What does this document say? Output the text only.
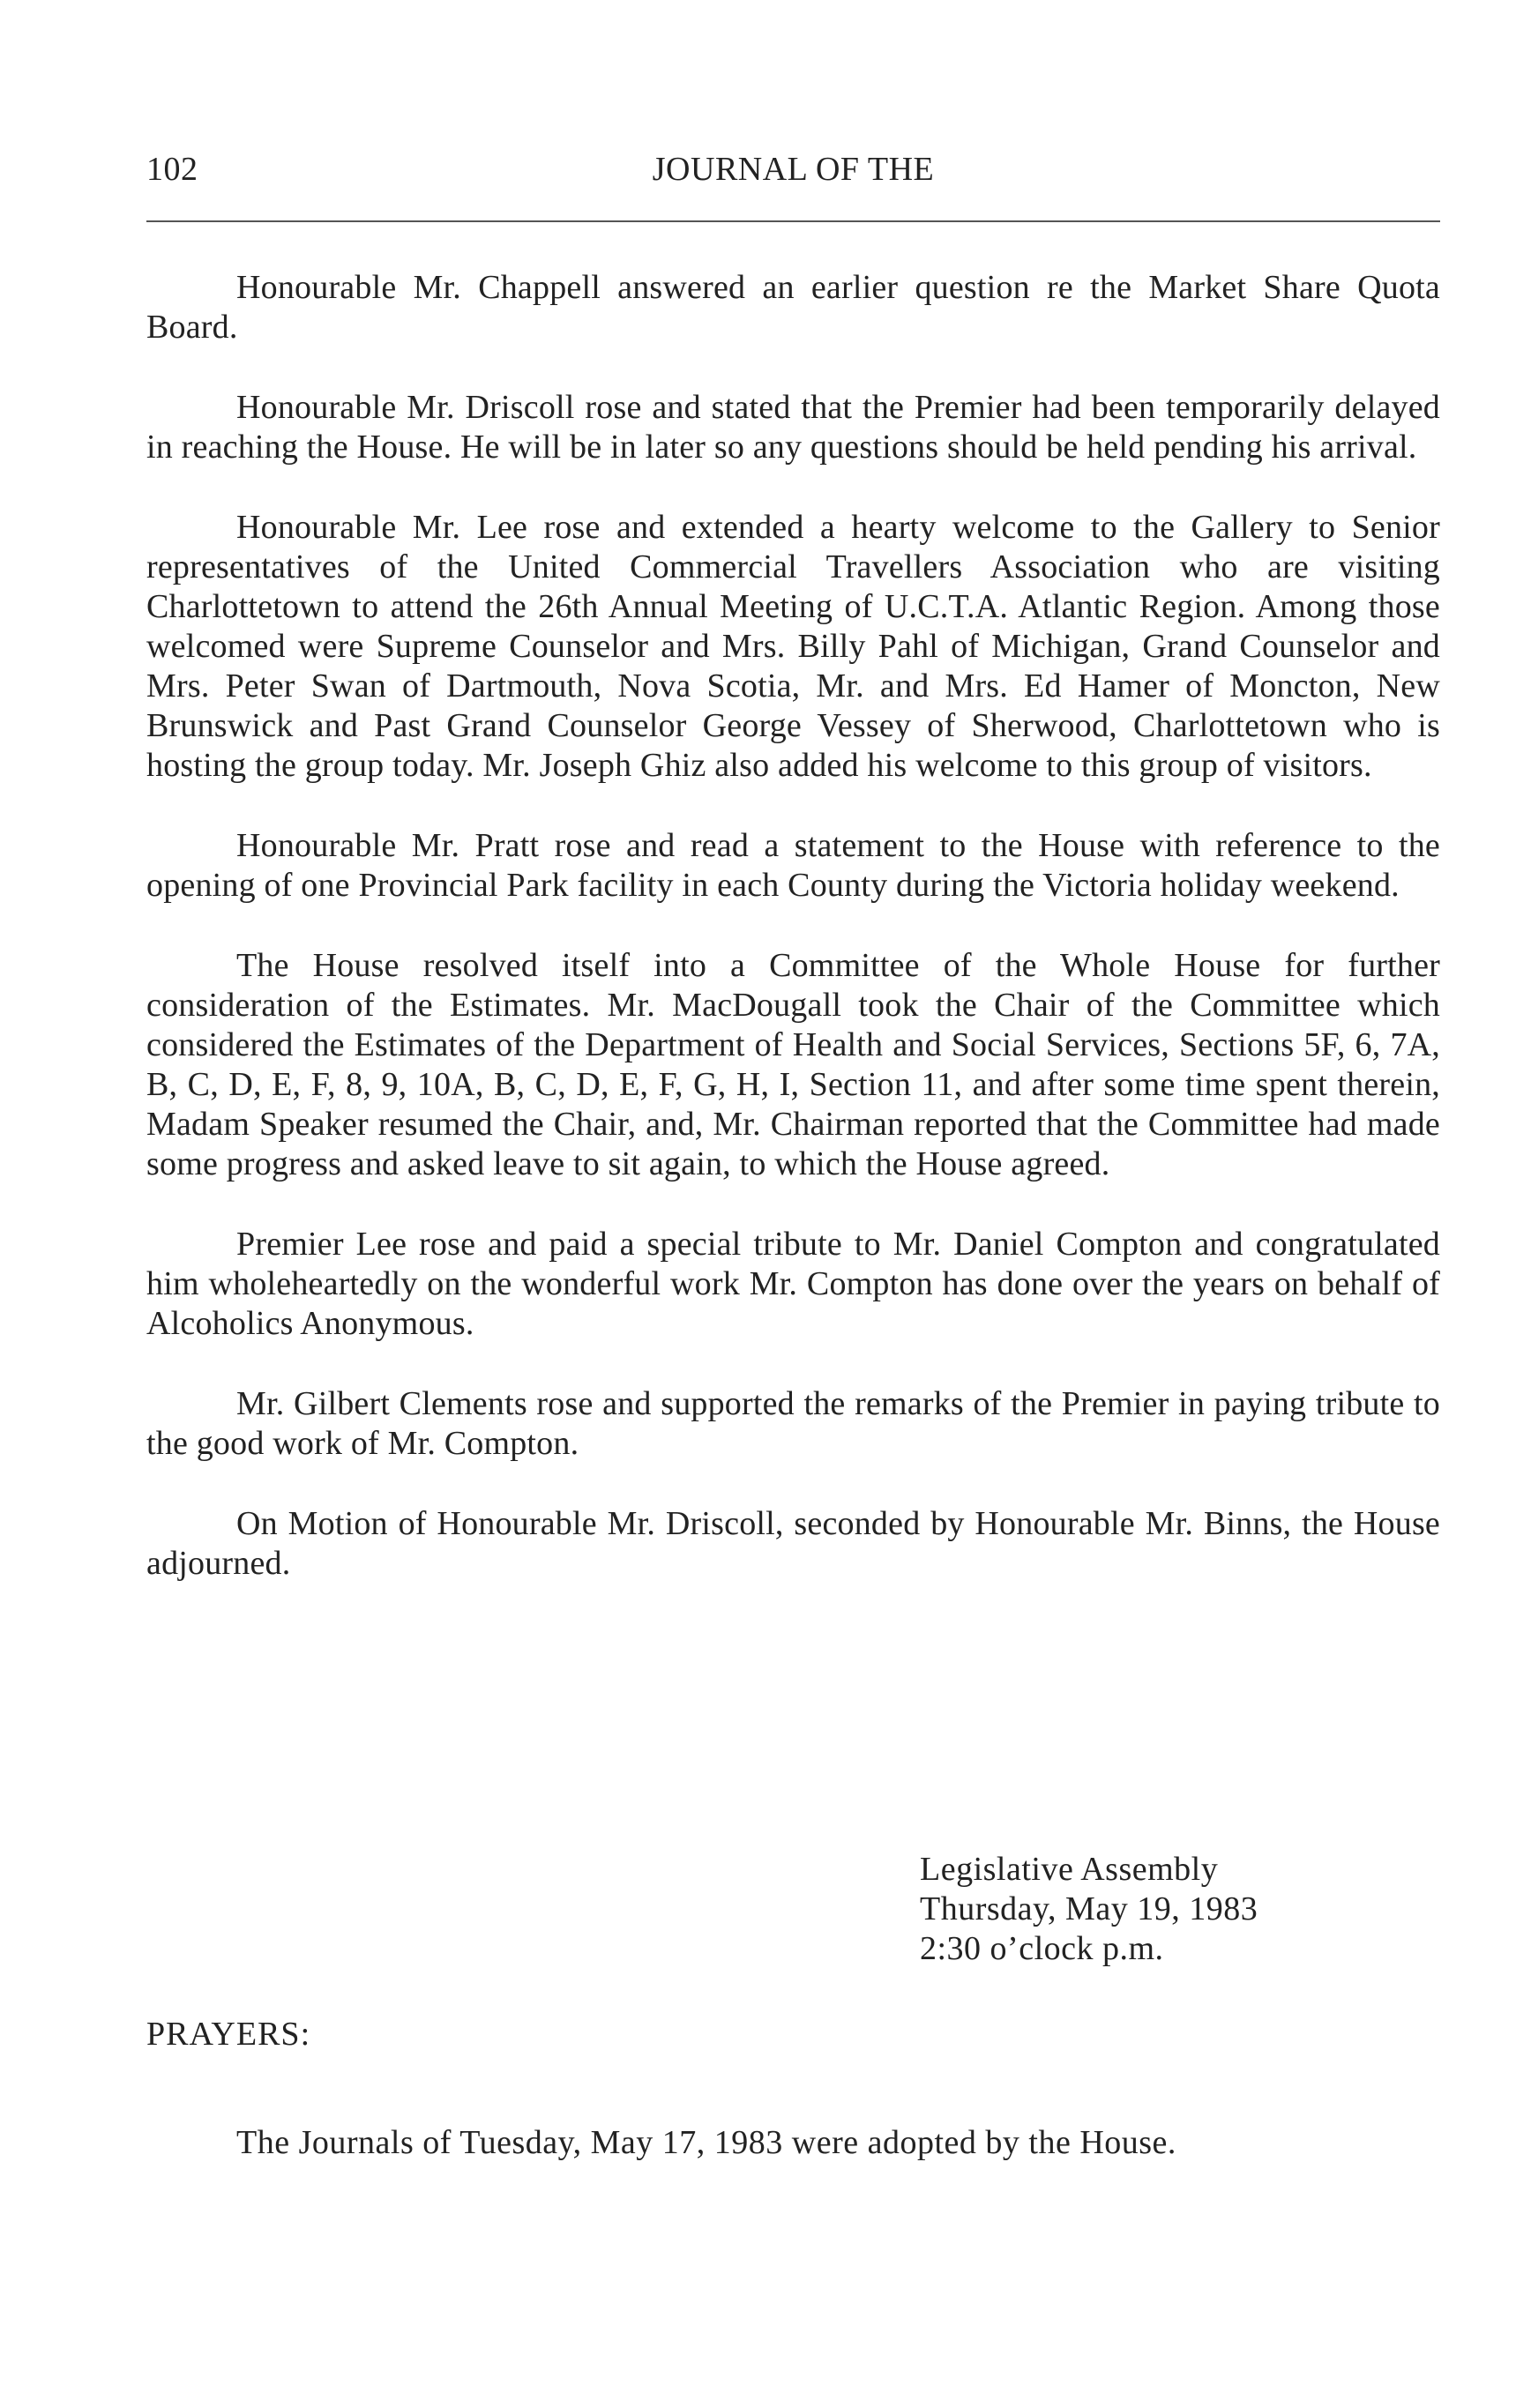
102	JOURNAL OF THE

Honourable Mr. Chappell answered an earlier question re the Market Share Quota Board.

Honourable Mr. Driscoll rose and stated that the Premier had been temporarily delayed in reaching the House. He will be in later so any questions should be held pending his arrival.

Honourable Mr. Lee rose and extended a hearty welcome to the Gallery to Senior representatives of the United Commercial Travellers Association who are visiting Charlottetown to attend the 26th Annual Meeting of U.C.T.A. Atlantic Region. Among those welcomed were Supreme Counselor and Mrs. Billy Pahl of Michigan, Grand Counselor and Mrs. Peter Swan of Dartmouth, Nova Scotia, Mr. and Mrs. Ed Hamer of Moncton, New Brunswick and Past Grand Counselor George Vessey of Sherwood, Charlottetown who is hosting the group today. Mr. Joseph Ghiz also added his welcome to this group of visitors.

Honourable Mr. Pratt rose and read a statement to the House with reference to the opening of one Provincial Park facility in each County during the Victoria holiday weekend.

The House resolved itself into a Committee of the Whole House for further consideration of the Estimates. Mr. MacDougall took the Chair of the Committee which considered the Estimates of the Department of Health and Social Services, Sections 5F, 6, 7A, B, C, D, E, F, 8, 9, 10A, B, C, D, E, F, G, H, I, Section 11, and after some time spent therein, Madam Speaker resumed the Chair, and, Mr. Chairman reported that the Committee had made some progress and asked leave to sit again, to which the House agreed.

Premier Lee rose and paid a special tribute to Mr. Daniel Compton and congratulated him wholeheartedly on the wonderful work Mr. Compton has done over the years on behalf of Alcoholics Anonymous.

Mr. Gilbert Clements rose and supported the remarks of the Premier in paying tribute to the good work of Mr. Compton.

On Motion of Honourable Mr. Driscoll, seconded by Honourable Mr. Binns, the House adjourned.

Legislative Assembly
Thursday, May 19, 1983
2:30 o’clock p.m.
PRAYERS:

The Journals of Tuesday, May 17, 1983 were adopted by the House.
